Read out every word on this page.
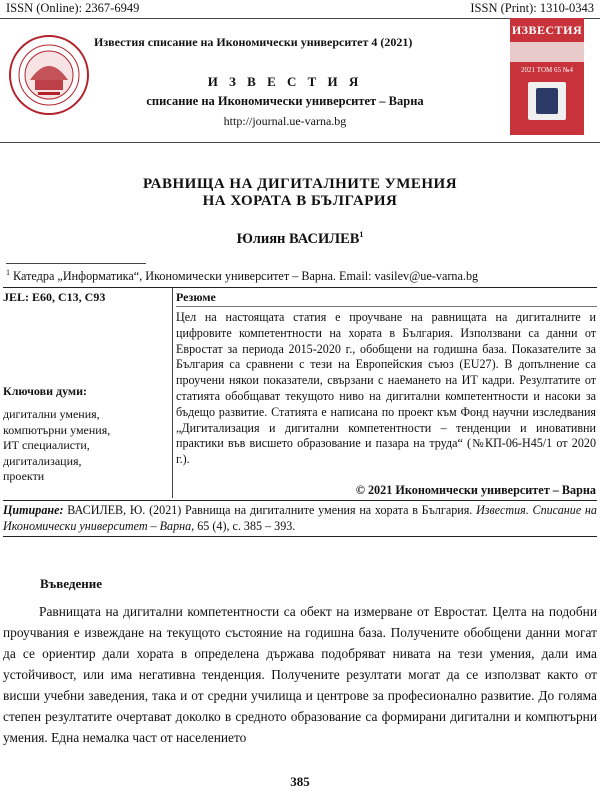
ISSN (Online): 2367-6949	ISSN (Print): 1310-0343
Известия списание на Икономически университет 4 (2021)
И З В Е С Т И Я
списание на Икономически университет – Варна
http://journal.ue-varna.bg
ИЗВЕСТИЯ
2021 ТОМ 65 №4
РАВНИЩА НА ДИГИТАЛНИТЕ УМЕНИЯ
НА ХОРАТА В БЪЛГАРИЯ
Юлиян ВАСИЛЕВ$^1$
$^1$ Катедра „Информатика“, Икономически университет – Варна. Email: vasilev@ue-varna.bg
JEL: E60, C13, C93	Резюме
Цел на настоящата статия е проучване на равнищата на дигиталните и цифровите компетентности на хората в България. Използвани са данни от Евростат за периода 2015-2020 г., обобщени на годишна база. Показателите за България са сравнени с тези на Европейския съюз (EU27). В допълнение са проучени някои показатели, свързани с наемането на ИТ кадри. Резултатите от статията обобщават текущото ниво на дигитални компетентности и насоки за бъдещо развитие. Статията е написана по проект към Фонд научни изследвания „Дигитализация и дигитални компетентности – тенденции и иновативни практики във висшето образование и пазара на труда“ (№КП-06-Н45/1 от 2020 г.).
© 2021 Икономически университет – Варна
Ключови думи:
дигитални умения,
компютърни умения,
ИТ специалисти,
дигитализация,
проекти
Цитиране: ВАСИЛЕВ, Ю. (2021) Равнища на дигиталните умения на хората в България. Известия. Списание на Икономически университет – Варна, 65 (4), с. 385 – 393.
Въведение
Равнищата на дигитални компетентности са обект на измерване от Евростат. Целта на подобни проучвания е извеждане на текущото състояние на годишна база. Получените обобщени данни могат да се ориентир дали хората в определена държава подобряват нивата на тези умения, дали има устойчивост, или има негативна тенденция. Получените резултати могат да се използват както от висши учебни заведения, така и от средни училища и центрове за професионално развитие. До голяма степен резултатите очертават доколко в средното образование са формирани дигитални и компютърни умения. Една немалка част от населението
385
